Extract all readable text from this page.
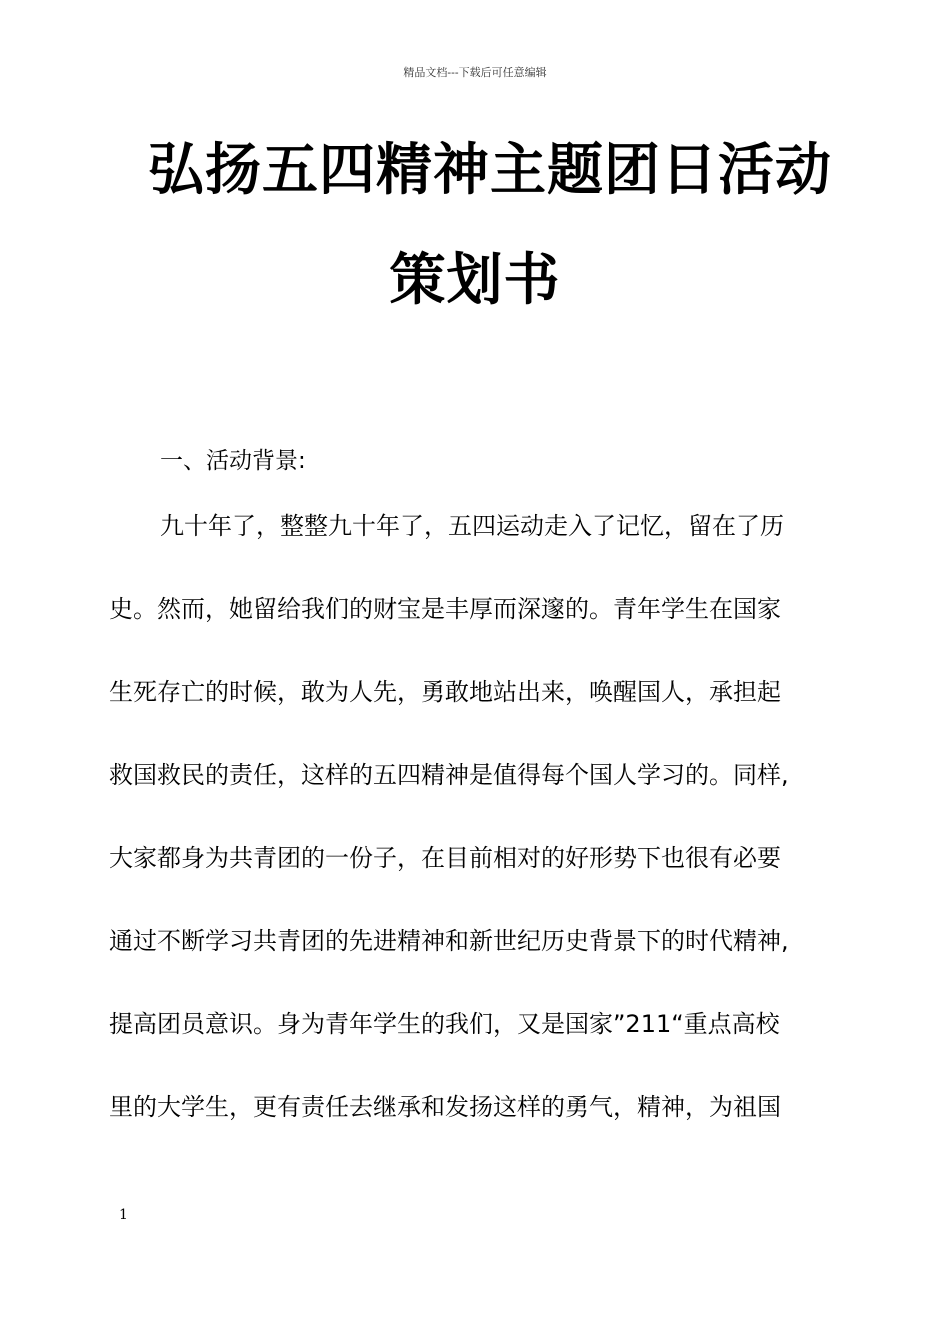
精品文档---下载后可任意编辑
弘扬五四精神主题团日活动
策划书
一、活动背景:
九十年了，整整九十年了，五四运动走入了记忆，留在了历
史。然而，她留给我们的财宝是丰厚而深邃的。青年学生在国家
生死存亡的时候，敢为人先，勇敢地站出来，唤醒国人，承担起
救国救民的责任，这样的五四精神是值得每个国人学习的。同样,
大家都身为共青团的一份子，在目前相对的好形势下也很有必要
通过不断学习共青团的先进精神和新世纪历史背景下的时代精神,
提高团员意识。身为青年学生的我们，又是国家”211“重点高校
里的大学生，更有责任去继承和发扬这样的勇气，精神，为祖国
1
